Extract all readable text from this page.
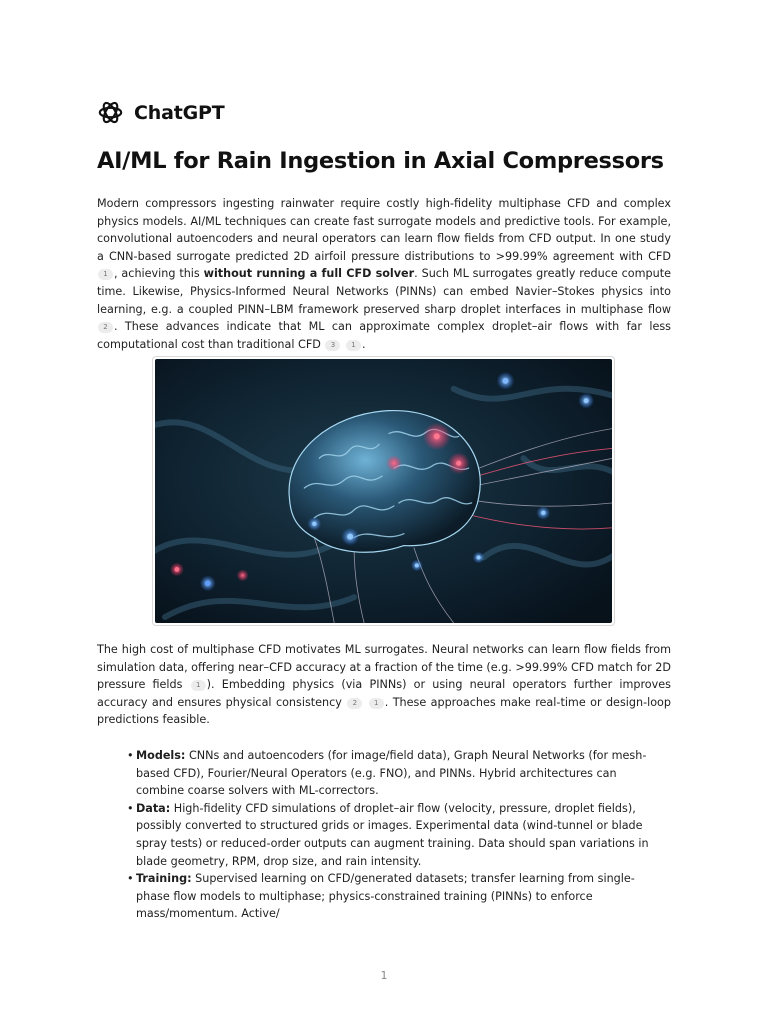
ChatGPT
AI/ML for Rain Ingestion in Axial Compressors

Modern compressors ingesting rainwater require costly high-fidelity multiphase CFD and complex physics models. AI/ML techniques can create fast surrogate models and predictive tools. For example, convolutional autoencoders and neural operators can learn flow fields from CFD output. In one study a CNN-based surrogate predicted 2D airfoil pressure distributions to >99.99% agreement with CFD 1 , achieving this without running a full CFD solver. Such ML surrogates greatly reduce compute time. Likewise, Physics-Informed Neural Networks (PINNs) can embed Navier–Stokes physics into learning, e.g. a coupled PINN–LBM framework preserved sharp droplet interfaces in multiphase flow 2 . These advances indicate that ML can approximate complex droplet–air flows with far less computational cost than traditional CFD 3 1 .

The high cost of multiphase CFD motivates ML surrogates. Neural networks can learn flow fields from simulation data, offering near–CFD accuracy at a fraction of the time (e.g. >99.99% CFD match for 2D pressure fields 1 ). Embedding physics (via PINNs) or using neural operators further improves accuracy and ensures physical consistency 2 1 . These approaches make real-time or design-loop predictions feasible.

• Models: CNNs and autoencoders (for image/field data), Graph Neural Networks (for mesh-based CFD), Fourier/Neural Operators (e.g. FNO), and PINNs. Hybrid architectures can combine coarse solvers with ML-correctors.
• Data: High-fidelity CFD simulations of droplet–air flow (velocity, pressure, droplet fields), possibly converted to structured grids or images. Experimental data (wind-tunnel or blade spray tests) or reduced-order outputs can augment training. Data should span variations in blade geometry, RPM, drop size, and rain intensity.
• Training: Supervised learning on CFD/generated datasets; transfer learning from single-phase flow models to multiphase; physics-constrained training (PINNs) to enforce mass/momentum. Active/
1
